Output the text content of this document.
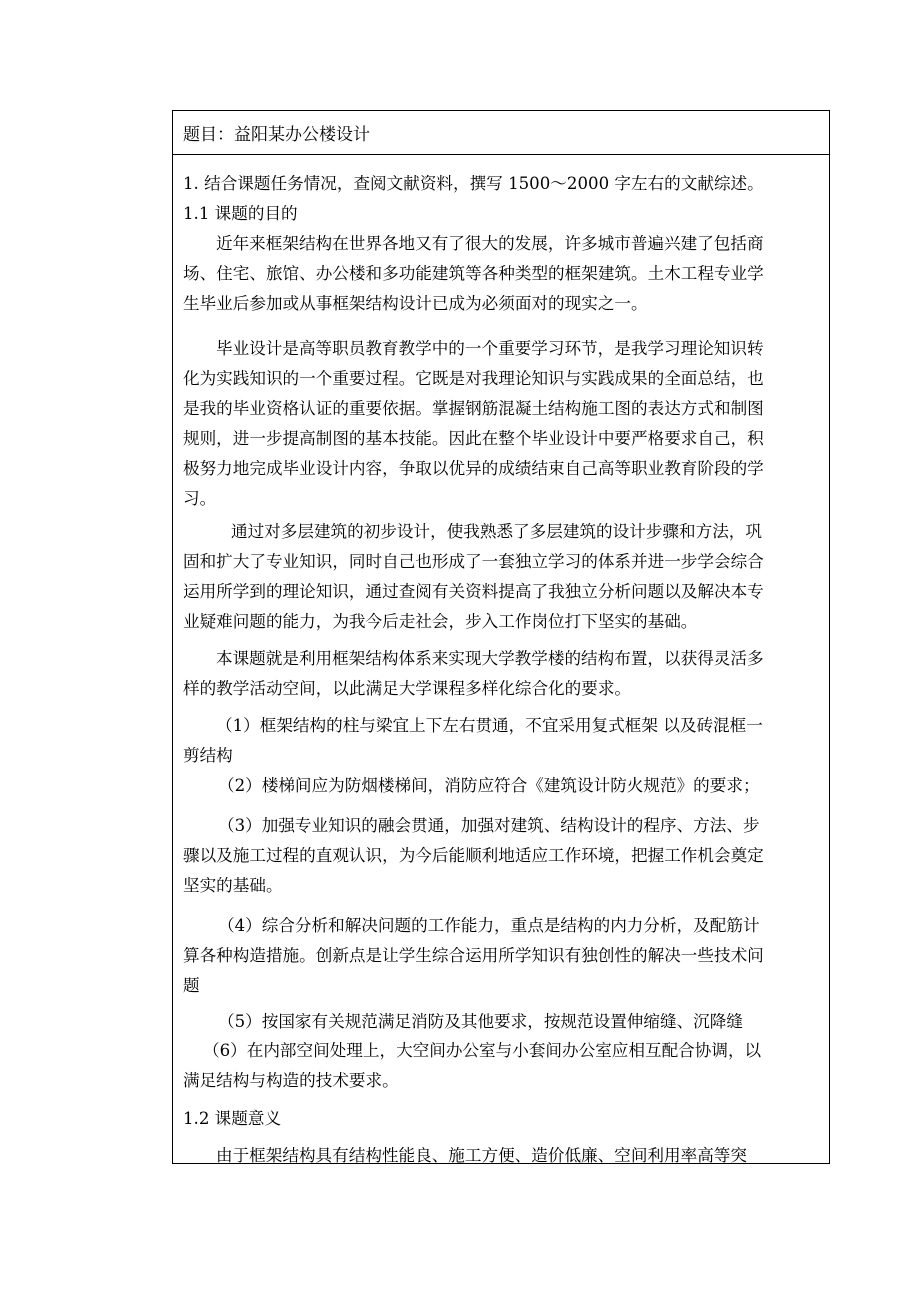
题目：益阳某办公楼设计
1. 结合课题任务情况，查阅文献资料，撰写 1500～2000 字左右的文献综述。
1.1 课题的目的
近年来框架结构在世界各地又有了很大的发展，许多城市普遍兴建了包括商
场、住宅、旅馆、办公楼和多功能建筑等各种类型的框架建筑。土木工程专业学
生毕业后参加或从事框架结构设计已成为必须面对的现实之一。
毕业设计是高等职员教育教学中的一个重要学习环节，是我学习理论知识转
化为实践知识的一个重要过程。它既是对我理论知识与实践成果的全面总结，也
是我的毕业资格认证的重要依据。掌握钢筋混凝土结构施工图的表达方式和制图
规则，进一步提高制图的基本技能。因此在整个毕业设计中要严格要求自己，积
极努力地完成毕业设计内容，争取以优异的成绩结束自己高等职业教育阶段的学
习。
通过对多层建筑的初步设计，使我熟悉了多层建筑的设计步骤和方法，巩
固和扩大了专业知识，同时自己也形成了一套独立学习的体系并进一步学会综合
运用所学到的理论知识，通过查阅有关资料提高了我独立分析问题以及解决本专
业疑难问题的能力，为我今后走社会，步入工作岗位打下坚实的基础。
本课题就是利用框架结构体系来实现大学教学楼的结构布置，以获得灵活多
样的教学活动空间，以此满足大学课程多样化综合化的要求。
（1）框架结构的柱与梁宜上下左右贯通，不宜采用复式框架 以及砖混框一
剪结构
（2）楼梯间应为防烟楼梯间，消防应符合《建筑设计防火规范》的要求；
（3）加强专业知识的融会贯通，加强对建筑、结构设计的程序、方法、步
骤以及施工过程的直观认识，为今后能顺利地适应工作环境，把握工作机会奠定
坚实的基础。
（4）综合分析和解决问题的工作能力，重点是结构的内力分析，及配筋计
算各种构造措施。创新点是让学生综合运用所学知识有独创性的解决一些技术问
题
（5）按国家有关规范满足消防及其他要求，按规范设置伸缩缝、沉降缝
（6）在内部空间处理上，大空间办公室与小套间办公室应相互配合协调，以
满足结构与构造的技术要求。
1.2 课题意义
由于框架结构具有结构性能良、施工方便、造价低廉、空间利用率高等突
